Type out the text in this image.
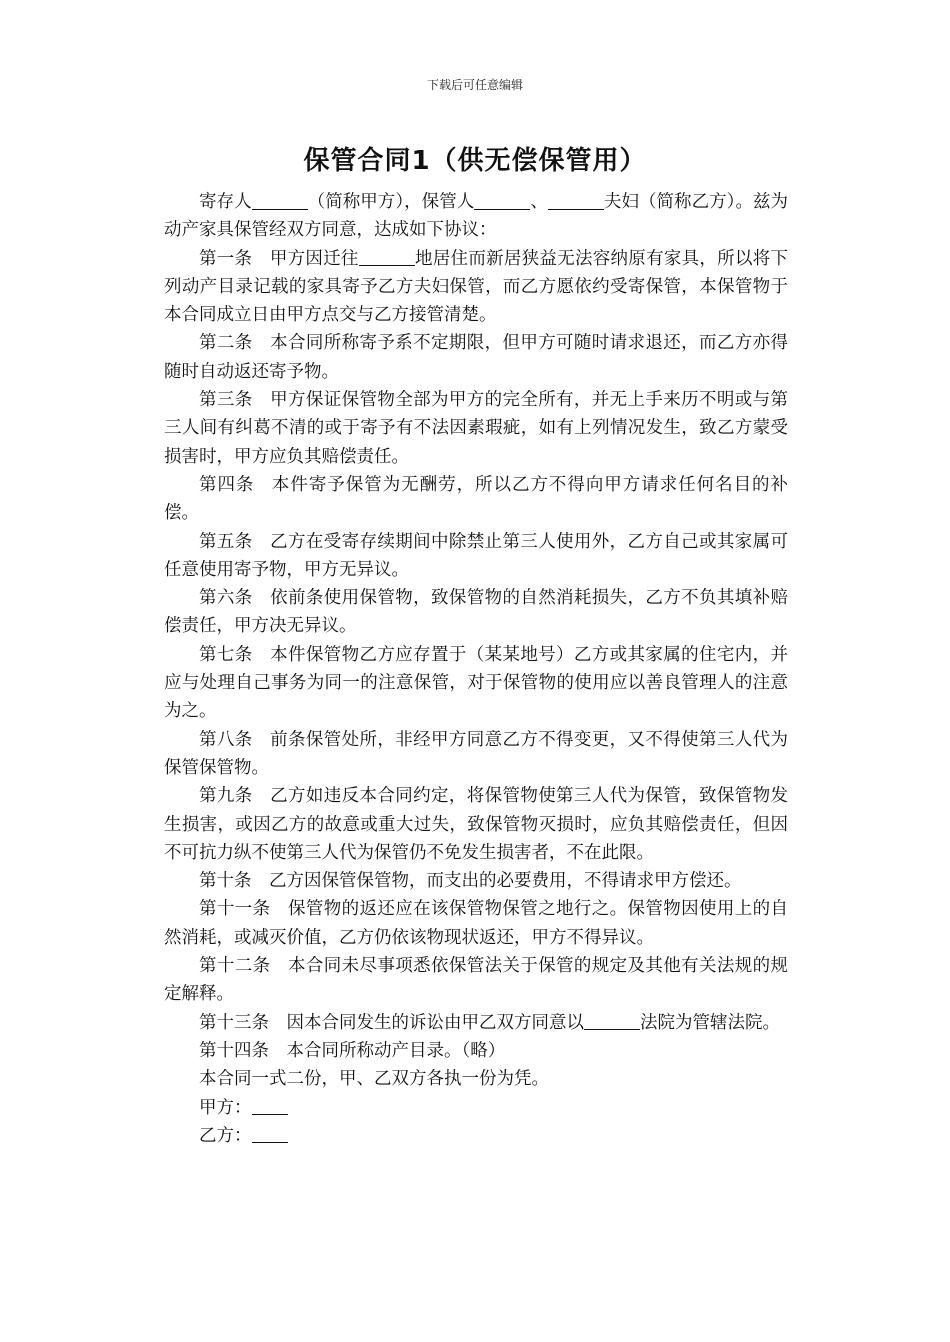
下载后可任意编辑
保管合同1（供无偿保管用）

寄存人	（简称甲方），保管人	、	夫妇（简称乙方）。兹为动产家具保管经双方同意，达成如下协议：

第一条 甲方因迁往	地居住而新居狭益无法容纳原有家具，所以将下列动产目录记载的家具寄予乙方夫妇保管，而乙方愿依约受寄保管，本保管物于本合同成立日由甲方点交与乙方接管清楚。

第二条 本合同所称寄予系不定期限，但甲方可随时请求退还，而乙方亦得随时自动返还寄予物。

第三条 甲方保证保管物全部为甲方的完全所有，并无上手来历不明或与第三人间有纠葛不清的或于寄予有不法因素瑕疵，如有上列情况发生，致乙方蒙受损害时，甲方应负其赔偿责任。

第四条 本件寄予保管为无酬劳，所以乙方不得向甲方请求任何名目的补偿。

第五条 乙方在受寄存续期间中除禁止第三人使用外，乙方自己或其家属可任意使用寄予物，甲方无异议。

第六条 依前条使用保管物，致保管物的自然消耗损失，乙方不负其填补赔偿责任，甲方决无异议。

第七条 本件保管物乙方应存置于（某某地号）乙方或其家属的住宅内，并应与处理自己事务为同一的注意保管，对于保管物的使用应以善良管理人的注意为之。

第八条 前条保管处所，非经甲方同意乙方不得变更，又不得使第三人代为保管保管物。

第九条 乙方如违反本合同约定，将保管物使第三人代为保管，致保管物发生损害，或因乙方的故意或重大过失，致保管物灭损时，应负其赔偿责任，但因不可抗力纵不使第三人代为保管仍不免发生损害者，不在此限。

第十条 乙方因保管保管物，而支出的必要费用，不得请求甲方偿还。

第十一条 保管物的返还应在该保管物保管之地行之。保管物因使用上的自然消耗，或减灭价值，乙方仍依该物现状返还，甲方不得异议。

第十二条 本合同未尽事项悉依保管法关于保管的规定及其他有关法规的规定解释。

第十三条 因本合同发生的诉讼由甲乙双方同意以	法院为管辖法院。

第十四条 本合同所称动产目录。（略）

本合同一式二份，甲、乙双方各执一份为凭。

甲方：

乙方：
